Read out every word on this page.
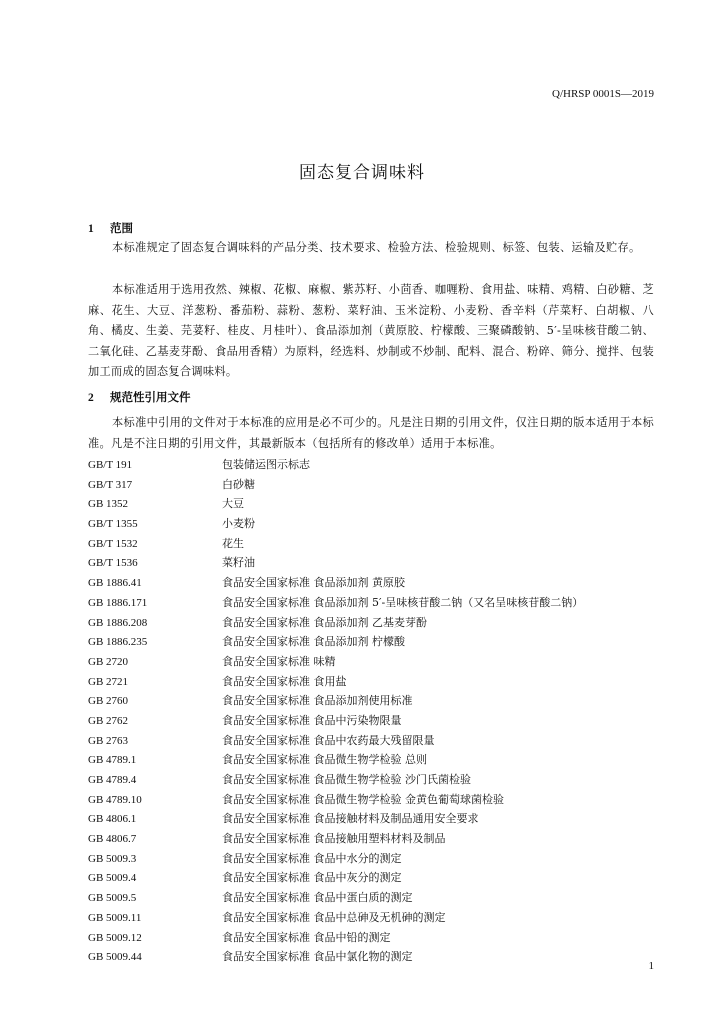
Q/HRSP 0001S—2019
固态复合调味料
1 范围
本标准规定了固态复合调味料的产品分类、技术要求、检验方法、检验规则、标签、包装、运输及贮存。
本标准适用于选用孜然、辣椒、花椒、麻椒、紫苏籽、小茴香、咖喱粉、食用盐、味精、鸡精、白砂糖、芝麻、花生、大豆、洋葱粉、番茄粉、蒜粉、葱粉、菜籽油、玉米淀粉、小麦粉、香辛料（芹菜籽、白胡椒、八角、橘皮、生姜、芫荽籽、桂皮、月桂叶）、食品添加剂（黄原胶、柠檬酸、三聚磷酸钠、5′-呈味核苷酸二钠、二氧化硅、乙基麦芽酚、食品用香精）为原料，经选料、炒制或不炒制、配料、混合、粉碎、筛分、搅拌、包装加工而成的固态复合调味料。
2 规范性引用文件
本标准中引用的文件对于本标准的应用是必不可少的。凡是注日期的引用文件，仅注日期的版本适用于本标准。凡是不注日期的引用文件，其最新版本（包括所有的修改单）适用于本标准。
GB/T 191	包装储运图示标志
GB/T 317	白砂糖
GB 1352	大豆
GB/T 1355	小麦粉
GB/T 1532	花生
GB/T 1536	菜籽油
GB 1886.41	食品安全国家标准 食品添加剂 黄原胶
GB 1886.171	食品安全国家标准 食品添加剂 5′-呈味核苷酸二钠（又名呈味核苷酸二钠）
GB 1886.208	食品安全国家标准 食品添加剂 乙基麦芽酚
GB 1886.235	食品安全国家标准 食品添加剂 柠檬酸
GB 2720	食品安全国家标准 味精
GB 2721	食品安全国家标准 食用盐
GB 2760	食品安全国家标准 食品添加剂使用标准
GB 2762	食品安全国家标准 食品中污染物限量
GB 2763	食品安全国家标准 食品中农药最大残留限量
GB 4789.1	食品安全国家标准 食品微生物学检验 总则
GB 4789.4	食品安全国家标准 食品微生物学检验 沙门氏菌检验
GB 4789.10	食品安全国家标准 食品微生物学检验 金黄色葡萄球菌检验
GB 4806.1	食品安全国家标准 食品接触材料及制品通用安全要求
GB 4806.7	食品安全国家标准 食品接触用塑料材料及制品
GB 5009.3	食品安全国家标准 食品中水分的测定
GB 5009.4	食品安全国家标准 食品中灰分的测定
GB 5009.5	食品安全国家标准 食品中蛋白质的测定
GB 5009.11	食品安全国家标准 食品中总砷及无机砷的测定
GB 5009.12	食品安全国家标准 食品中铅的测定
GB 5009.44	食品安全国家标准 食品中氯化物的测定
1
